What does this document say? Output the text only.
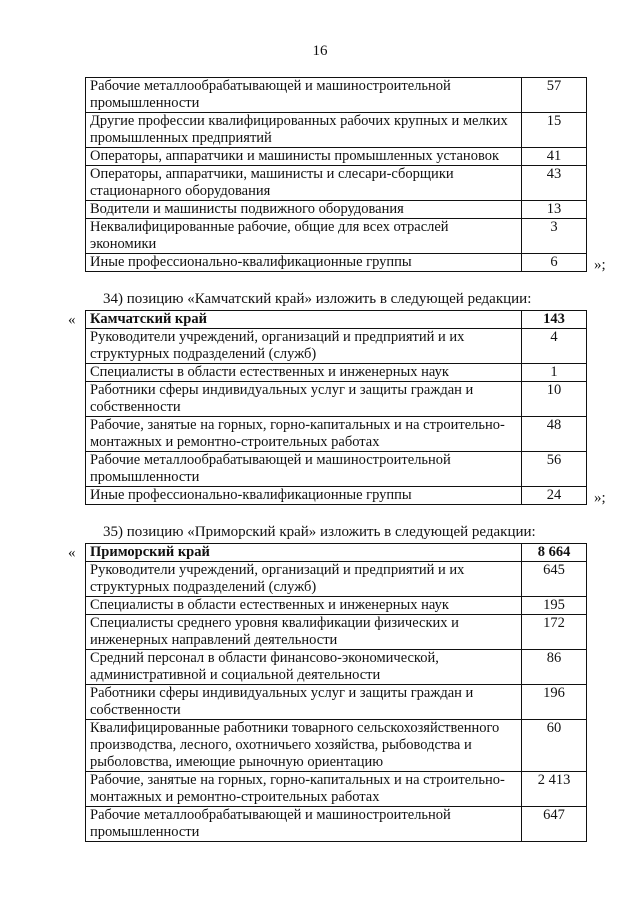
16
Рабочие металлообрабатывающей и машиностроительной промышленности	57
Другие профессии квалифицированных рабочих крупных и мелких промышленных предприятий	15
Операторы, аппаратчики и машинисты промышленных установок	41
Операторы, аппаратчики, машинисты и слесари-сборщики стационарного оборудования	43
Водители и машинисты подвижного оборудования	13
Неквалифицированные рабочие, общие для всех отраслей экономики	3
Иные профессионально-квалификационные группы	6 »;
34) позицию «Камчатский край» изложить в следующей редакции:
« Камчатский край	143
Руководители учреждений, организаций и предприятий и их структурных подразделений (служб)	4
Специалисты в области естественных и инженерных наук	1
Работники сферы индивидуальных услуг и защиты граждан и собственности	10
Рабочие, занятые на горных, горно-капитальных и на строительно-монтажных и ремонтно-строительных работах	48
Рабочие металлообрабатывающей и машиностроительной промышленности	56
Иные профессионально-квалификационные группы	24 »;
35) позицию «Приморский край» изложить в следующей редакции:
« Приморский край	8 664
Руководители учреждений, организаций и предприятий и их структурных подразделений (служб)	645
Специалисты в области естественных и инженерных наук	195
Специалисты среднего уровня квалификации физических и инженерных направлений деятельности	172
Средний персонал в области финансово-экономической, административной и социальной деятельности	86
Работники сферы индивидуальных услуг и защиты граждан и собственности	196
Квалифицированные работники товарного сельскохозяйственного производства, лесного, охотничьего хозяйства, рыбоводства и рыболовства, имеющие рыночную ориентацию	60
Рабочие, занятые на горных, горно-капитальных и на строительно-монтажных и ремонтно-строительных работах	2 413
Рабочие металлообрабатывающей и машиностроительной промышленности	647
